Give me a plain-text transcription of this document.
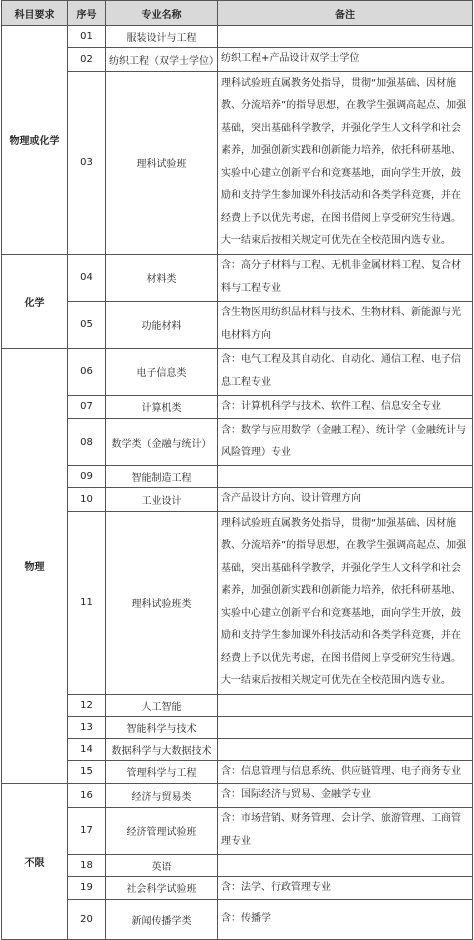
科目要求	序号	专业名称	备注
物理或化学	01	服装设计与工程	
	02	纺织工程（双学士学位）	纺织工程+产品设计双学士学位
	03	理科试验班	理科试验班直属教务处指导，贯彻“加强基础、因材施教、分流培养”的指导思想，在教学生强调高起点、加强基础，突出基础科学教学，并强化学生人文科学和社会素养，加强创新实践和创新能力培养，依托科研基地、实验中心建立创新平台和竞赛基地，面向学生开放，鼓励和支持学生参加课外科技活动和各类学科竞赛，并在经费上予以优先考虑，在图书借阅上享受研究生待遇。大一结束后按相关规定可优先在全校范围内选专业。
化学	04	材料类	含：高分子材料与工程、无机非金属材料工程、复合材料与工程专业
	05	功能材料	含生物医用纺织品材料与技术、生物材料、新能源与光电材料方向
物理	06	电子信息类	含：电气工程及其自动化、自动化、通信工程、电子信息工程专业
	07	计算机类	含：计算机科学与技术、软件工程、信息安全专业
	08	数学类（金融与统计）	含：数学与应用数学（金融工程）、统计学（金融统计与风险管理）专业
	09	智能制造工程	
	10	工业设计	含产品设计方向、设计管理方向
	11	理科试验班类	理科试验班直属教务处指导，贯彻“加强基础、因材施教、分流培养”的指导思想，在教学生强调高起点、加强基础，突出基础科学教学，并强化学生人文科学和社会素养，加强创新实践和创新能力培养，依托科研基地、实验中心建立创新平台和竞赛基地，面向学生开放，鼓励和支持学生参加课外科技活动和各类学科竞赛，并在经费上予以优先考虑，在图书借阅上享受研究生待遇。大一结束后按相关规定可优先在全校范围内选专业。
	12	人工智能	
	13	智能科学与技术	
	14	数据科学与大数据技术	
	15	管理科学与工程	含：信息管理与信息系统、供应链管理、电子商务专业
不限	16	经济与贸易类	含：国际经济与贸易、金融学专业
	17	经济管理试验班	含：市场营销、财务管理、会计学、旅游管理、工商管理专业
	18	英语	
	19	社会科学试验班	含：法学、行政管理专业
	20	新闻传播学类	含：传播学
